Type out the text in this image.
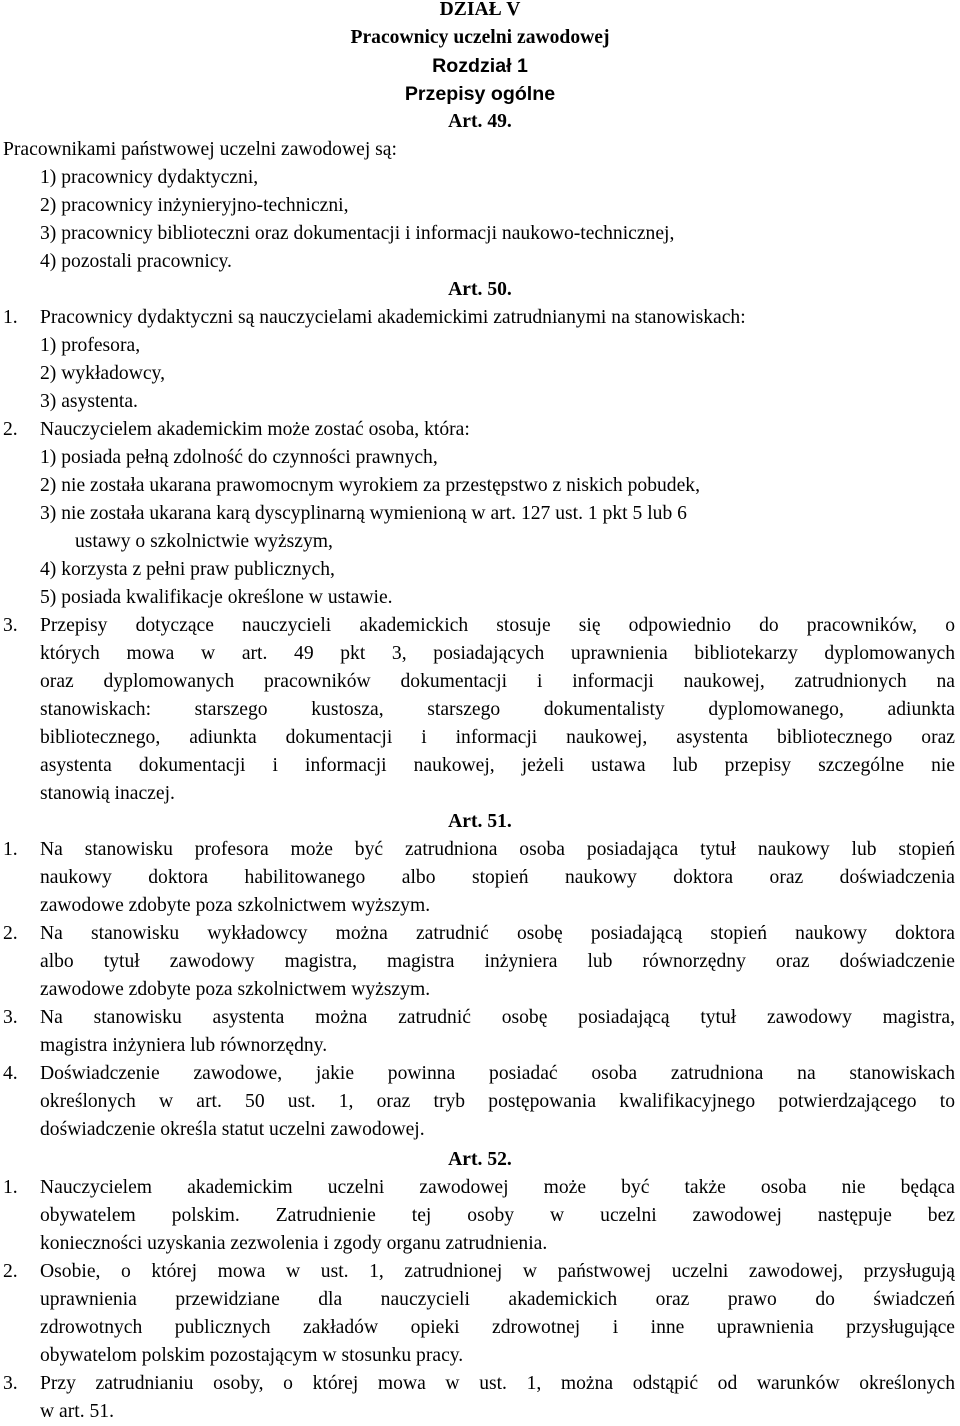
DZIAŁ V
Pracownicy uczelni zawodowej
Rozdział 1
Przepisy ogólne
Art. 49.
Pracownikami państwowej uczelni zawodowej są:
1) pracownicy dydaktyczni,
2) pracownicy inżynieryjno-techniczni,
3) pracownicy biblioteczni oraz dokumentacji i informacji naukowo-technicznej,
4) pozostali pracownicy.
Art. 50.
1. Pracownicy dydaktyczni są nauczycielami akademickimi zatrudnianymi na stanowiskach:
1) profesora,
2) wykładowcy,
3) asystenta.
2. Nauczycielem akademickim może zostać osoba, która:
1) posiada pełną zdolność do czynności prawnych,
2) nie została ukarana prawomocnym wyrokiem za przestępstwo z niskich pobudek,
3) nie została ukarana karą dyscyplinarną wymienioną w art. 127 ust. 1 pkt 5 lub 6
ustawy o szkolnictwie wyższym,
4) korzysta z pełni praw publicznych,
5) posiada kwalifikacje określone w ustawie.
3. Przepisy dotyczące nauczycieli akademickich stosuje się odpowiednio do pracowników, o
których mowa w art. 49 pkt 3, posiadających uprawnienia bibliotekarzy dyplomowanych
oraz dyplomowanych pracowników dokumentacji i informacji naukowej, zatrudnionych na
stanowiskach: starszego kustosza, starszego dokumentalisty dyplomowanego, adiunkta
bibliotecznego, adiunkta dokumentacji i informacji naukowej, asystenta bibliotecznego oraz
asystenta dokumentacji i informacji naukowej, jeżeli ustawa lub przepisy szczególne nie
stanowią inaczej.
Art. 51.
1. Na stanowisku profesora może być zatrudniona osoba posiadająca tytuł naukowy lub stopień
naukowy doktora habilitowanego albo stopień naukowy doktora oraz doświadczenia
zawodowe zdobyte poza szkolnictwem wyższym.
2. Na stanowisku wykładowcy można zatrudnić osobę posiadającą stopień naukowy doktora
albo tytuł zawodowy magistra, magistra inżyniera lub równorzędny oraz doświadczenie
zawodowe zdobyte poza szkolnictwem wyższym.
3. Na stanowisku asystenta można zatrudnić osobę posiadającą tytuł zawodowy magistra,
magistra inżyniera lub równorzędny.
4. Doświadczenie zawodowe, jakie powinna posiadać osoba zatrudniona na stanowiskach
określonych w art. 50 ust. 1, oraz tryb postępowania kwalifikacyjnego potwierdzającego to
doświadczenie określa statut uczelni zawodowej.
Art. 52.
1. Nauczycielem akademickim uczelni zawodowej może być także osoba nie będąca
obywatelem polskim. Zatrudnienie tej osoby w uczelni zawodowej następuje bez
konieczności uzyskania zezwolenia i zgody organu zatrudnienia.
2. Osobie, o której mowa w ust. 1, zatrudnionej w państwowej uczelni zawodowej, przysługują
uprawnienia przewidziane dla nauczycieli akademickich oraz prawo do świadczeń
zdrowotnych publicznych zakładów opieki zdrowotnej i inne uprawnienia przysługujące
obywatelom polskim pozostającym w stosunku pracy.
3. Przy zatrudnianiu osoby, o której mowa w ust. 1, można odstąpić od warunków określonych
w art. 51.
